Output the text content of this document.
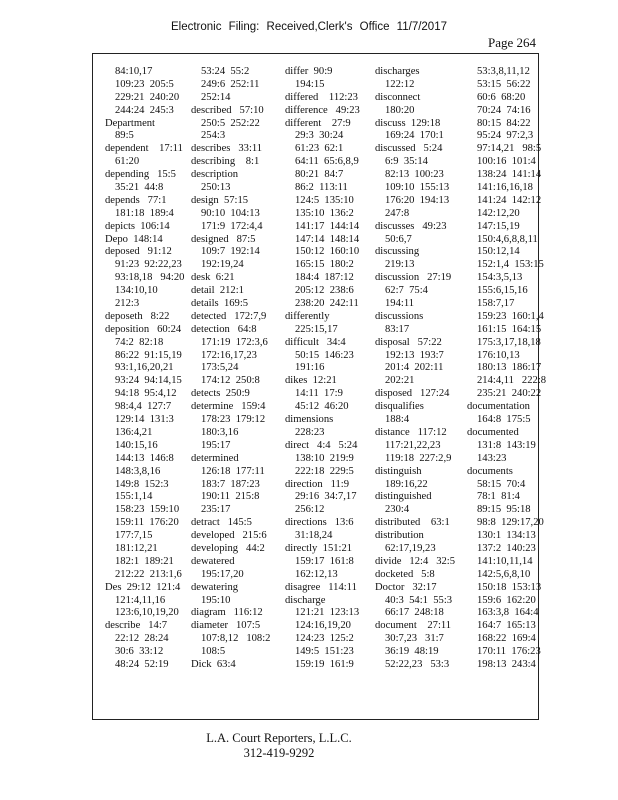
Electronic Filing: Received,Clerk's Office 11/7/2017
Page 264
84:10,17
109:23  205:5
229:21  240:20
244:24  245:3
Department
89:5
dependent    17:11
61:20
depending   15:5
35:21  44:8
depends   77:1
181:18  189:4
depicts  106:14
Depo  148:14
deposed   91:12
91:23  92:22,23
93:18,18   94:20
134:10,10
212:3
deposeth   8:22
deposition   60:24
74:2  82:18
86:22  91:15,19
93:1,16,20,21
93:24  94:14,15
94:18  95:4,12
98:4,4  127:7
129:14  131:3
136:4,21
140:15,16
144:13  146:8
148:3,8,16
149:8  152:3
155:1,14
158:23  159:10
159:11  176:20
177:7,15
181:12,21
182:1  189:21
212:22  213:1,6
Des  29:12  121:4
121:4,11,16
123:6,10,19,20
describe   14:7
22:12  28:24
30:6  33:12
48:24  52:19
53:24  55:2
249:6  252:11
252:14
described   57:10
250:5  252:22
254:3
describes   33:11
describing    8:1
description
250:13
design  57:15
90:10  104:13
171:9  172:4,4
designed   87:5
109:7  192:14
192:19,24
desk  6:21
detail  212:1
details  169:5
detected   172:7,9
detection   64:8
171:19  172:3,6
172:16,17,23
173:5,24
174:12  250:8
detects  250:9
determine   159:4
178:23  179:12
180:3,16
195:17
determined
126:18  177:11
183:7  187:23
190:11  215:8
235:17
detract   145:5
developed   215:6
developing   44:2
dewatered
195:17,20
dewatering
195:10
diagram   116:12
diameter   107:5
107:8,12   108:2
108:5
Dick  63:4
differ  90:9
194:15
differed    112:23
difference   49:23
different    27:9
29:3  30:24
61:23  62:1
64:11  65:6,8,9
80:21  84:7
86:2  113:11
124:5  135:10
135:10  136:2
141:17  144:14
147:14  148:14
150:12  160:10
165:15  180:2
184:4  187:12
205:12  238:6
238:20  242:11
differently
225:15,17
difficult   34:4
50:15  146:23
191:16
dikes  12:21
14:11  17:9
45:12  46:20
dimensions
228:23
direct   4:4   5:24
138:10  219:9
222:18  229:5
direction   11:9
29:16  34:7,17
256:12
directions   13:6
31:18,24
directly  151:21
159:17  161:8
162:12,13
disagree   114:11
discharge
121:21  123:13
124:16,19,20
124:23  125:2
149:5  151:23
159:19  161:9
discharges
122:12
disconnect
180:20
discuss  129:18
169:24  170:1
discussed   5:24
6:9  35:14
82:13  100:23
109:10  155:13
176:20  194:13
247:8
discusses   49:23
50:6,7
discussing
219:13
discussion   27:19
62:7  75:4
194:11
discussions
83:17
disposal   57:22
192:13  193:7
201:4  202:11
202:21
disposed   127:24
disqualifies
188:4
distance   117:12
117:21,22,23
119:18  227:2,9
distinguish
189:16,22
distinguished
230:4
distributed    63:1
distribution
62:17,19,23
divide   12:4   32:5
docketed   5:8
Doctor   32:17
40:3  54:1  55:3
66:17  248:18
document    27:11
30:7,23   31:7
36:19  48:19
52:22,23   53:3
53:3,8,11,12
53:15  56:22
60:6  68:20
70:24  74:16
80:15  84:22
95:24  97:2,3
97:14,21   98:5
100:16  101:4
138:24  141:14
141:16,16,18
141:24  142:12
142:12,20
147:15,19
150:4,6,8,8,11
150:12,14
152:1,4  153:15
154:3,5,13
155:6,15,16
158:7,17
159:23  160:1,4
161:15  164:15
175:3,17,18,18
176:10,13
180:13  186:17
214:4,11   222:8
235:21  240:22
documentation
164:8  175:5
documented
131:8  143:19
143:23
documents
58:15  70:4
78:1  81:4
89:15  95:18
98:8  129:17,20
130:1  134:13
137:2  140:23
141:10,11,14
142:5,6,8,10
150:18  153:13
159:6  162:20
163:3,8  164:4
164:7  165:13
168:22  169:4
170:11  176:23
198:13  243:4
L.A. Court Reporters, L.L.C.
312-419-9292
